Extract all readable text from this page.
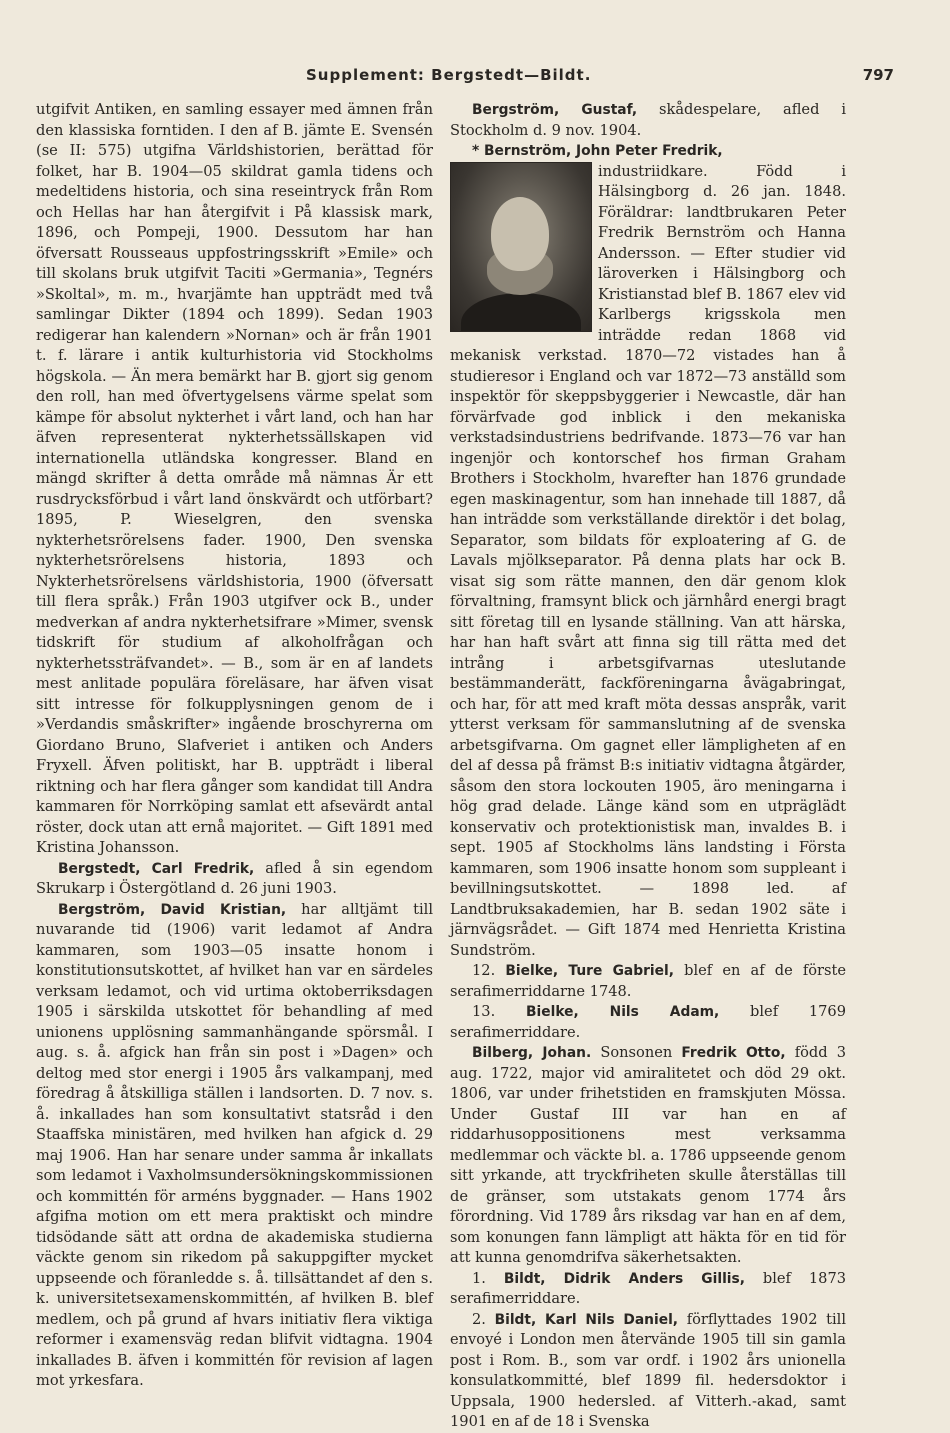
Supplement: Bergstedt—Bildt.	797

utgifvit Antiken, en samling essayer med ämnen från den klassiska forntiden. I den af B. jämte E. Svensén (se II: 575) utgifna Världshistorien, berättad för folket, har B. 1904—05 skildrat gamla tidens och medeltidens historia, och sina reseintryck från Rom och Hellas har han återgifvit i På klassisk mark, 1896, och Pompeji, 1900. Dessutom har han öfversatt Rousseaus uppfostringsskrift »Emile» och till skolans bruk utgifvit Taciti »Germania», Tegnérs »Skoltal», m. m., hvarjämte han uppträdt med två samlingar Dikter (1894 och 1899). Sedan 1903 redigerar han kalendern »Nornan» och är från 1901 t. f. lärare i antik kulturhistoria vid Stockholms högskola. — Än mera bemärkt har B. gjort sig genom den roll, han med öfvertygelsens värme spelat som kämpe för absolut nykterhet i vårt land, och han har äfven representerat nykterhetssällskapen vid internationella utländska kongresser. Bland en mängd skrifter å detta område må nämnas Är ett rusdrycksförbud i vårt land önskvärdt och utförbart? 1895, P. Wieselgren, den svenska nykterhetsrörelsens fader. 1900, Den svenska nykterhetsrörelsens historia, 1893 och Nykterhetsrörelsens världshistoria, 1900 (öfversatt till flera språk.) Från 1903 utgifver ock B., under medverkan af andra nykterhetsifrare »Mimer, svensk tidskrift för studium af alkoholfrågan och nykterhetssträfvandet». — B., som är en af landets mest anlitade populära föreläsare, har äfven visat sitt intresse för folkupplysningen genom de i »Verdandis småskrifter» ingående broschyrerna om Giordano Bruno, Slafveriet i antiken och Anders Fryxell. Äfven politiskt, har B. uppträdt i liberal riktning och har flera gånger som kandidat till Andra kammaren för Norrköping samlat ett afsevärdt antal röster, dock utan att ernå majoritet. — Gift 1891 med Kristina Johansson.

Bergstedt, Carl Fredrik, afled å sin egendom Skrukarp i Östergötland d. 26 juni 1903.

Bergström, David Kristian, har alltjämt till nuvarande tid (1906) varit ledamot af Andra kammaren, som 1903—05 insatte honom i konstitutionsutskottet, af hvilket han var en särdeles verksam ledamot, och vid urtima oktoberriksdagen 1905 i särskilda utskottet för behandling af med unionens upplösning sammanhängande spörsmål. I aug. s. å. afgick han från sin post i »Dagen» och deltog med stor energi i 1905 års valkampanj, med föredrag å åtskilliga ställen i landsorten. D. 7 nov. s. å. inkallades han som konsultativt statsråd i den Staaffska ministären, med hvilken han afgick d. 29 maj 1906. Han har senare under samma år inkallats som ledamot i Vaxholmsundersökningskommissionen och kommittén för arméns byggnader. — Hans 1902 afgifna motion om ett mera praktiskt och mindre tidsödande sätt att ordna de akademiska studierna väckte genom sin rikedom på sakuppgifter mycket uppseende och föranledde s. å. tillsättandet af den s. k. universitetsexamenskommittén, af hvilken B. blef medlem, och på grund af hvars initiativ flera viktiga reformer i examensväg redan blifvit vidtagna. 1904 inkallades B. äfven i kommittén för revision af lagen mot yrkesfara.

Bergström, Gustaf, skådespelare, afled i Stockholm d. 9 nov. 1904.

* Bernström, John Peter Fredrik,

industriidkare. Född i Hälsingborg d. 26 jan. 1848. Föräldrar: landtbrukaren Peter Fredrik Bernström och Hanna Andersson. — Efter studier vid läroverken i Hälsingborg och Kristianstad blef B. 1867 elev vid Karlbergs krigsskola men inträdde redan 1868 vid mekanisk verkstad. 1870—72 vistades han å studieresor i England och var 1872—73 anställd som inspektör för skeppsbyggerier i Newcastle, där han förvärfvade god inblick i den mekaniska verkstadsindustriens bedrifvande. 1873—76 var han ingenjör och kontorschef hos firman Graham Brothers i Stockholm, hvarefter han 1876 grundade egen maskinagentur, som han innehade till 1887, då han inträdde som verkställande direktör i det bolag, Separator, som bildats för exploatering af G. de Lavals mjölkseparator. På denna plats har ock B. visat sig som rätte mannen, den där genom klok förvaltning, framsynt blick och järnhård energi bragt sitt företag till en lysande ställning. Van att härska, har han haft svårt att finna sig till rätta med det intrång i arbetsgifvarnas uteslutande bestämmanderätt, fackföreningarna åvägabringat, och har, för att med kraft möta dessas anspråk, varit ytterst verksam för sammanslutning af de svenska arbetsgifvarna. Om gagnet eller lämpligheten af en del af dessa på främst B:s initiativ vidtagna åtgärder, såsom den stora lockouten 1905, äro meningarna i hög grad delade. Länge känd som en utpräglädt konservativ och protektionistisk man, invaldes B. i sept. 1905 af Stockholms läns landsting i Första kammaren, som 1906 insatte honom som suppleant i bevillningsutskottet. — 1898 led. af Landtbruksakademien, har B. sedan 1902 säte i järnvägsrådet. — Gift 1874 med Henrietta Kristina Sundström.

12. Bielke, Ture Gabriel, blef en af de förste serafimerriddarne 1748.

13. Bielke, Nils Adam, blef 1769 serafimerriddare.

Bilberg, Johan. Sonsonen Fredrik Otto, född 3 aug. 1722, major vid amiralitetet och död 29 okt. 1806, var under frihetstiden en framskjuten Mössa. Under Gustaf III var han en af riddarhusoppositionens mest verksamma medlemmar och väckte bl. a. 1786 uppseende genom sitt yrkande, att tryckfriheten skulle återställas till de gränser, som utstakats genom 1774 års förordning. Vid 1789 års riksdag var han en af dem, som konungen fann lämpligt att häkta för en tid för att kunna genomdrifva säkerhetsakten.

1. Bildt, Didrik Anders Gillis, blef 1873 serafimerriddare.

2. Bildt, Karl Nils Daniel, förflyttades 1902 till envoyé i London men återvände 1905 till sin gamla post i Rom. B., som var ordf. i 1902 års unionella konsulatkommitté, blef 1899 fil. hedersdoktor i Uppsala, 1900 hedersled. af Vitterh.-akad, samt 1901 en af de 18 i Svenska
